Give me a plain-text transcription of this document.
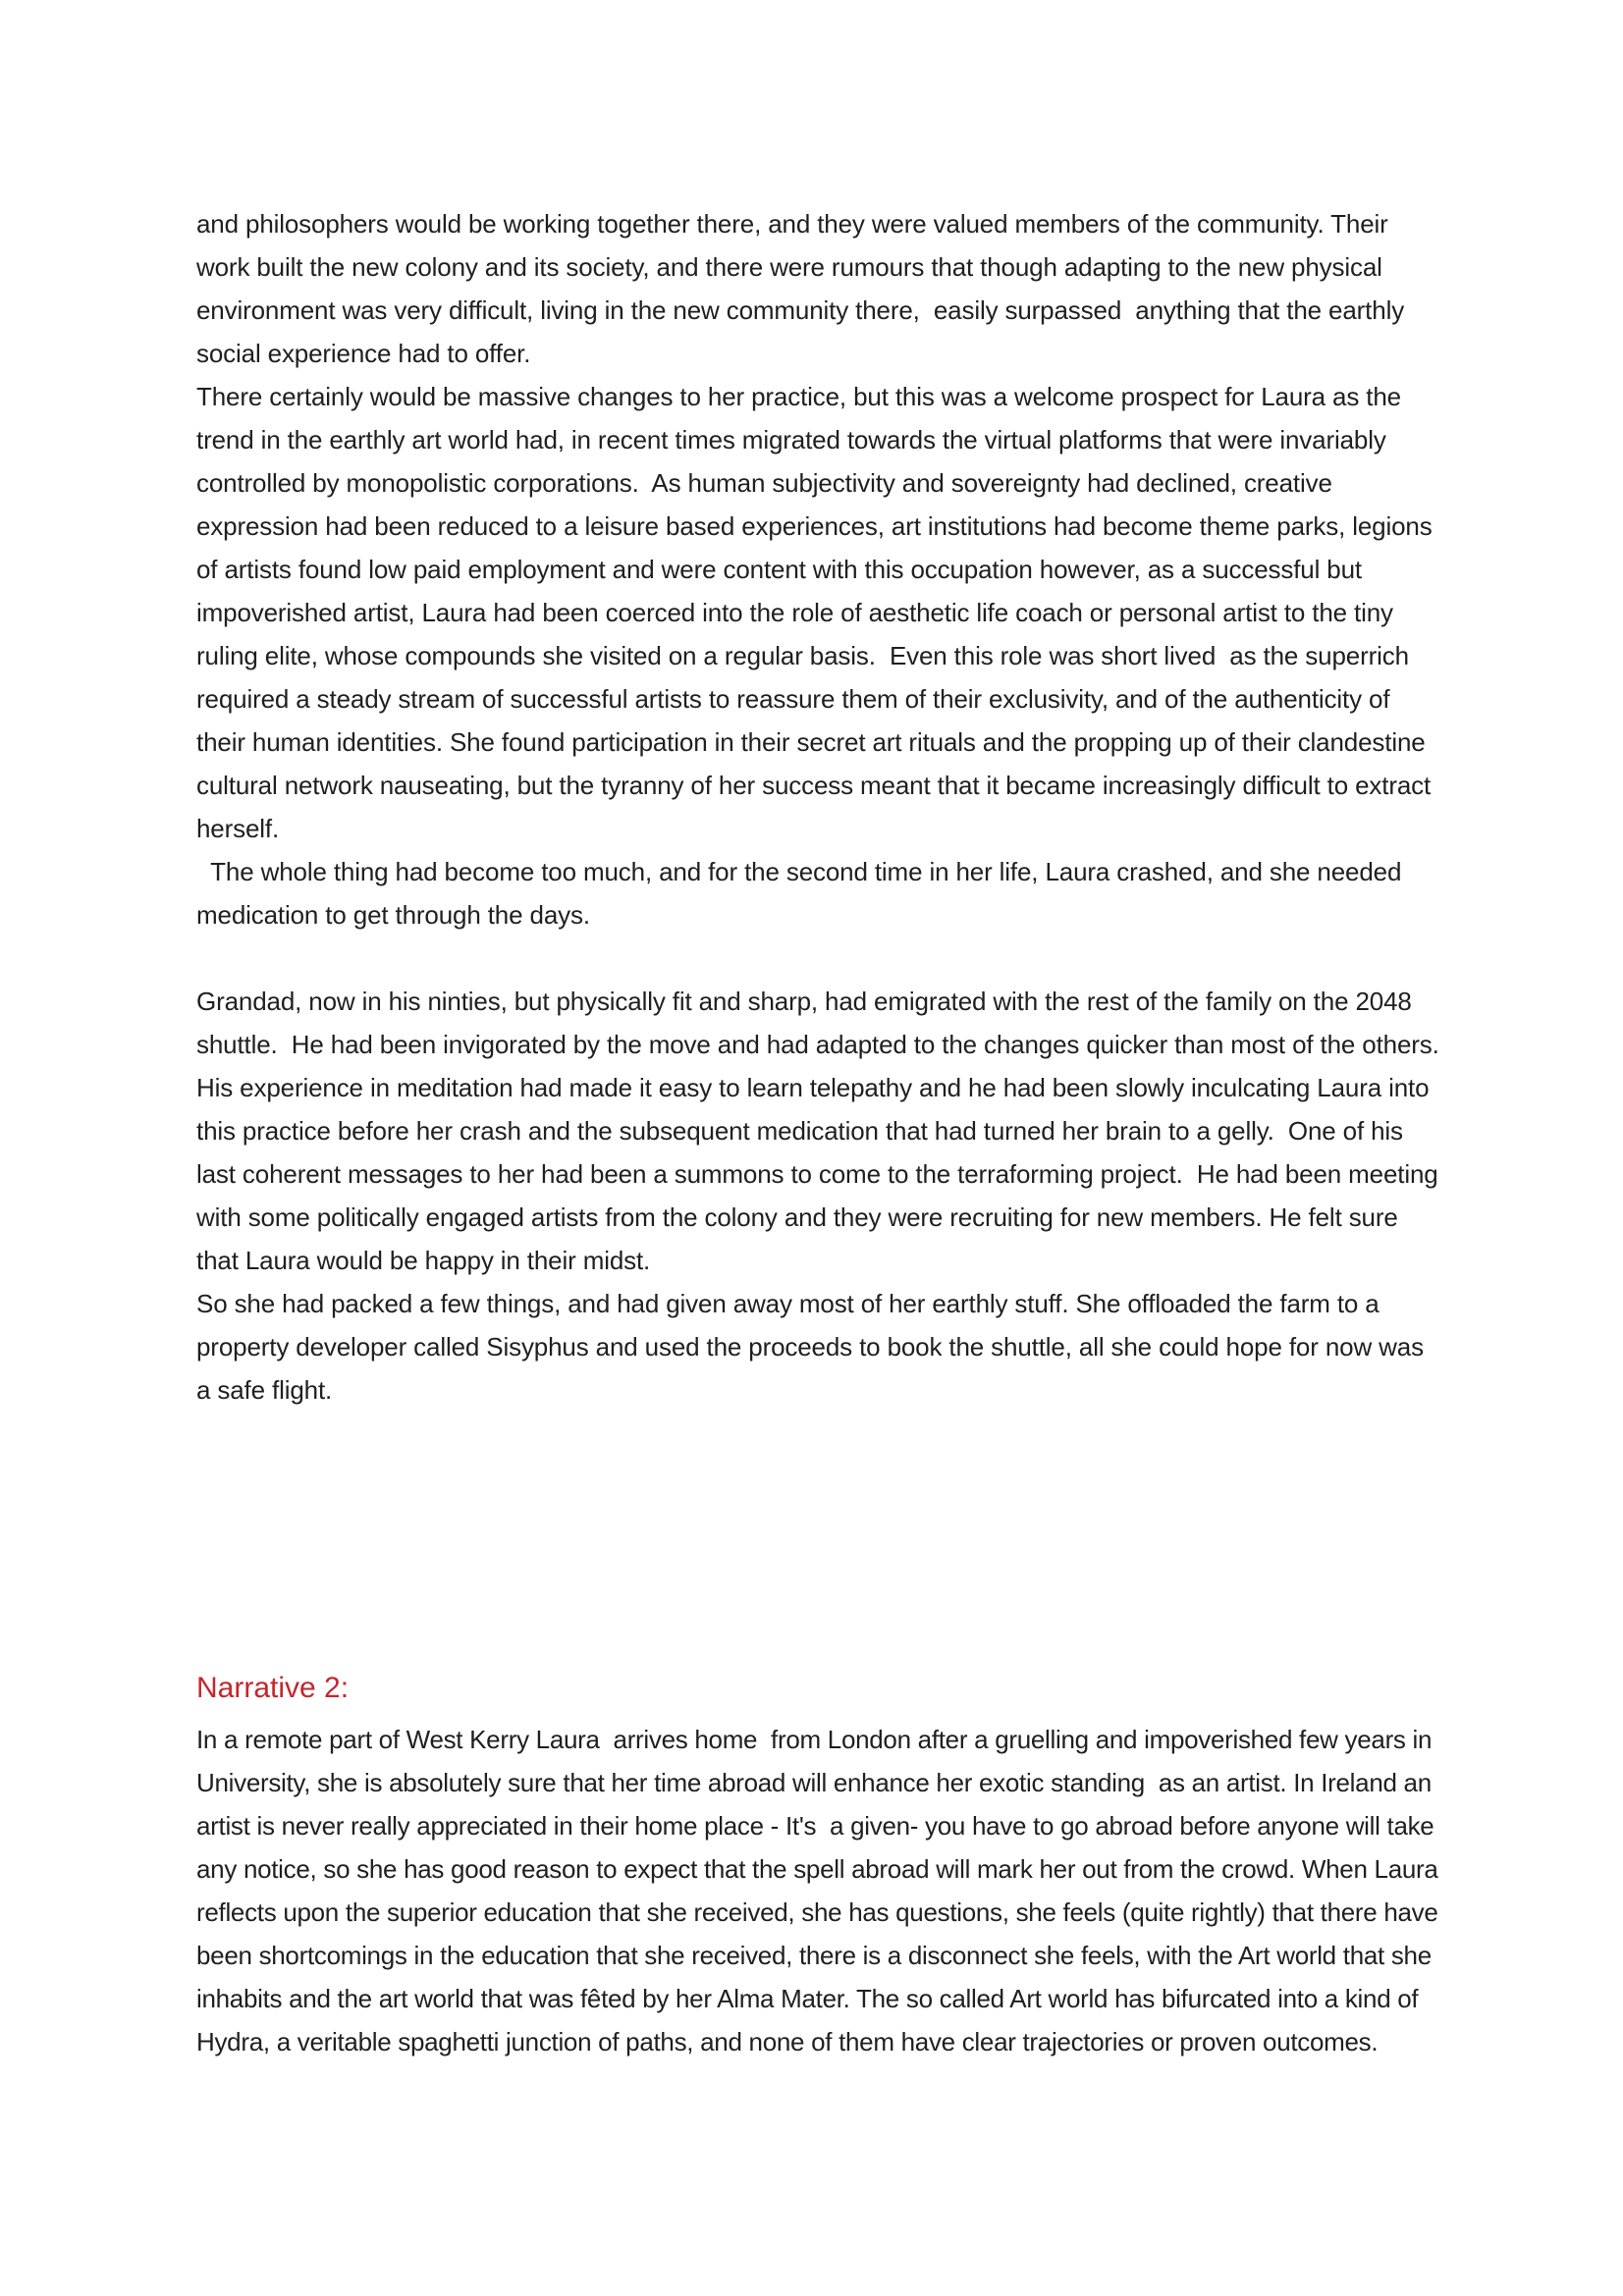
and philosophers would be working together there, and they were valued members of the community. Their work built the new colony and its society, and there were rumours that though adapting to the new physical environment was very difficult, living in the new community there,  easily surpassed  anything that the earthly social experience had to offer.

There certainly would be massive changes to her practice, but this was a welcome prospect for Laura as the trend in the earthly art world had, in recent times migrated towards the virtual platforms that were invariably controlled by monopolistic corporations.  As human subjectivity and sovereignty had declined, creative expression had been reduced to a leisure based experiences, art institutions had become theme parks, legions of artists found low paid employment and were content with this occupation however, as a successful but impoverished artist, Laura had been coerced into the role of aesthetic life coach or personal artist to the tiny ruling elite, whose compounds she visited on a regular basis.  Even this role was short lived  as the superrich required a steady stream of successful artists to reassure them of their exclusivity, and of the authenticity of their human identities. She found participation in their secret art rituals and the propping up of their clandestine cultural network nauseating, but the tyranny of her success meant that it became increasingly difficult to extract herself.

The whole thing had become too much, and for the second time in her life, Laura crashed, and she needed medication to get through the days.

Grandad, now in his ninties, but physically fit and sharp, had emigrated with the rest of the family on the 2048 shuttle.  He had been invigorated by the move and had adapted to the changes quicker than most of the others.  His experience in meditation had made it easy to learn telepathy and he had been slowly inculcating Laura into this practice before her crash and the subsequent medication that had turned her brain to a gelly.  One of his last coherent messages to her had been a summons to come to the terraforming project.  He had been meeting with some politically engaged artists from the colony and they were recruiting for new members. He felt sure that Laura would be happy in their midst.

So she had packed a few things, and had given away most of her earthly stuff. She offloaded the farm to a property developer called Sisyphus and used the proceeds to book the shuttle, all she could hope for now was a safe flight.

Narrative 2:

In a remote part of West Kerry Laura  arrives home  from London after a gruelling and impoverished few years in University, she is absolutely sure that her time abroad will enhance her exotic standing  as an artist. In Ireland an artist is never really appreciated in their home place - It's  a given- you have to go abroad before anyone will take any notice, so she has good reason to expect that the spell abroad will mark her out from the crowd. When Laura reflects upon the superior education that she received, she has questions, she feels (quite rightly) that there have been shortcomings in the education that she received, there is a disconnect she feels, with the Art world that she inhabits and the art world that was fêted by her Alma Mater. The so called Art world has bifurcated into a kind of Hydra, a veritable spaghetti junction of paths, and none of them have clear trajectories or proven outcomes.
